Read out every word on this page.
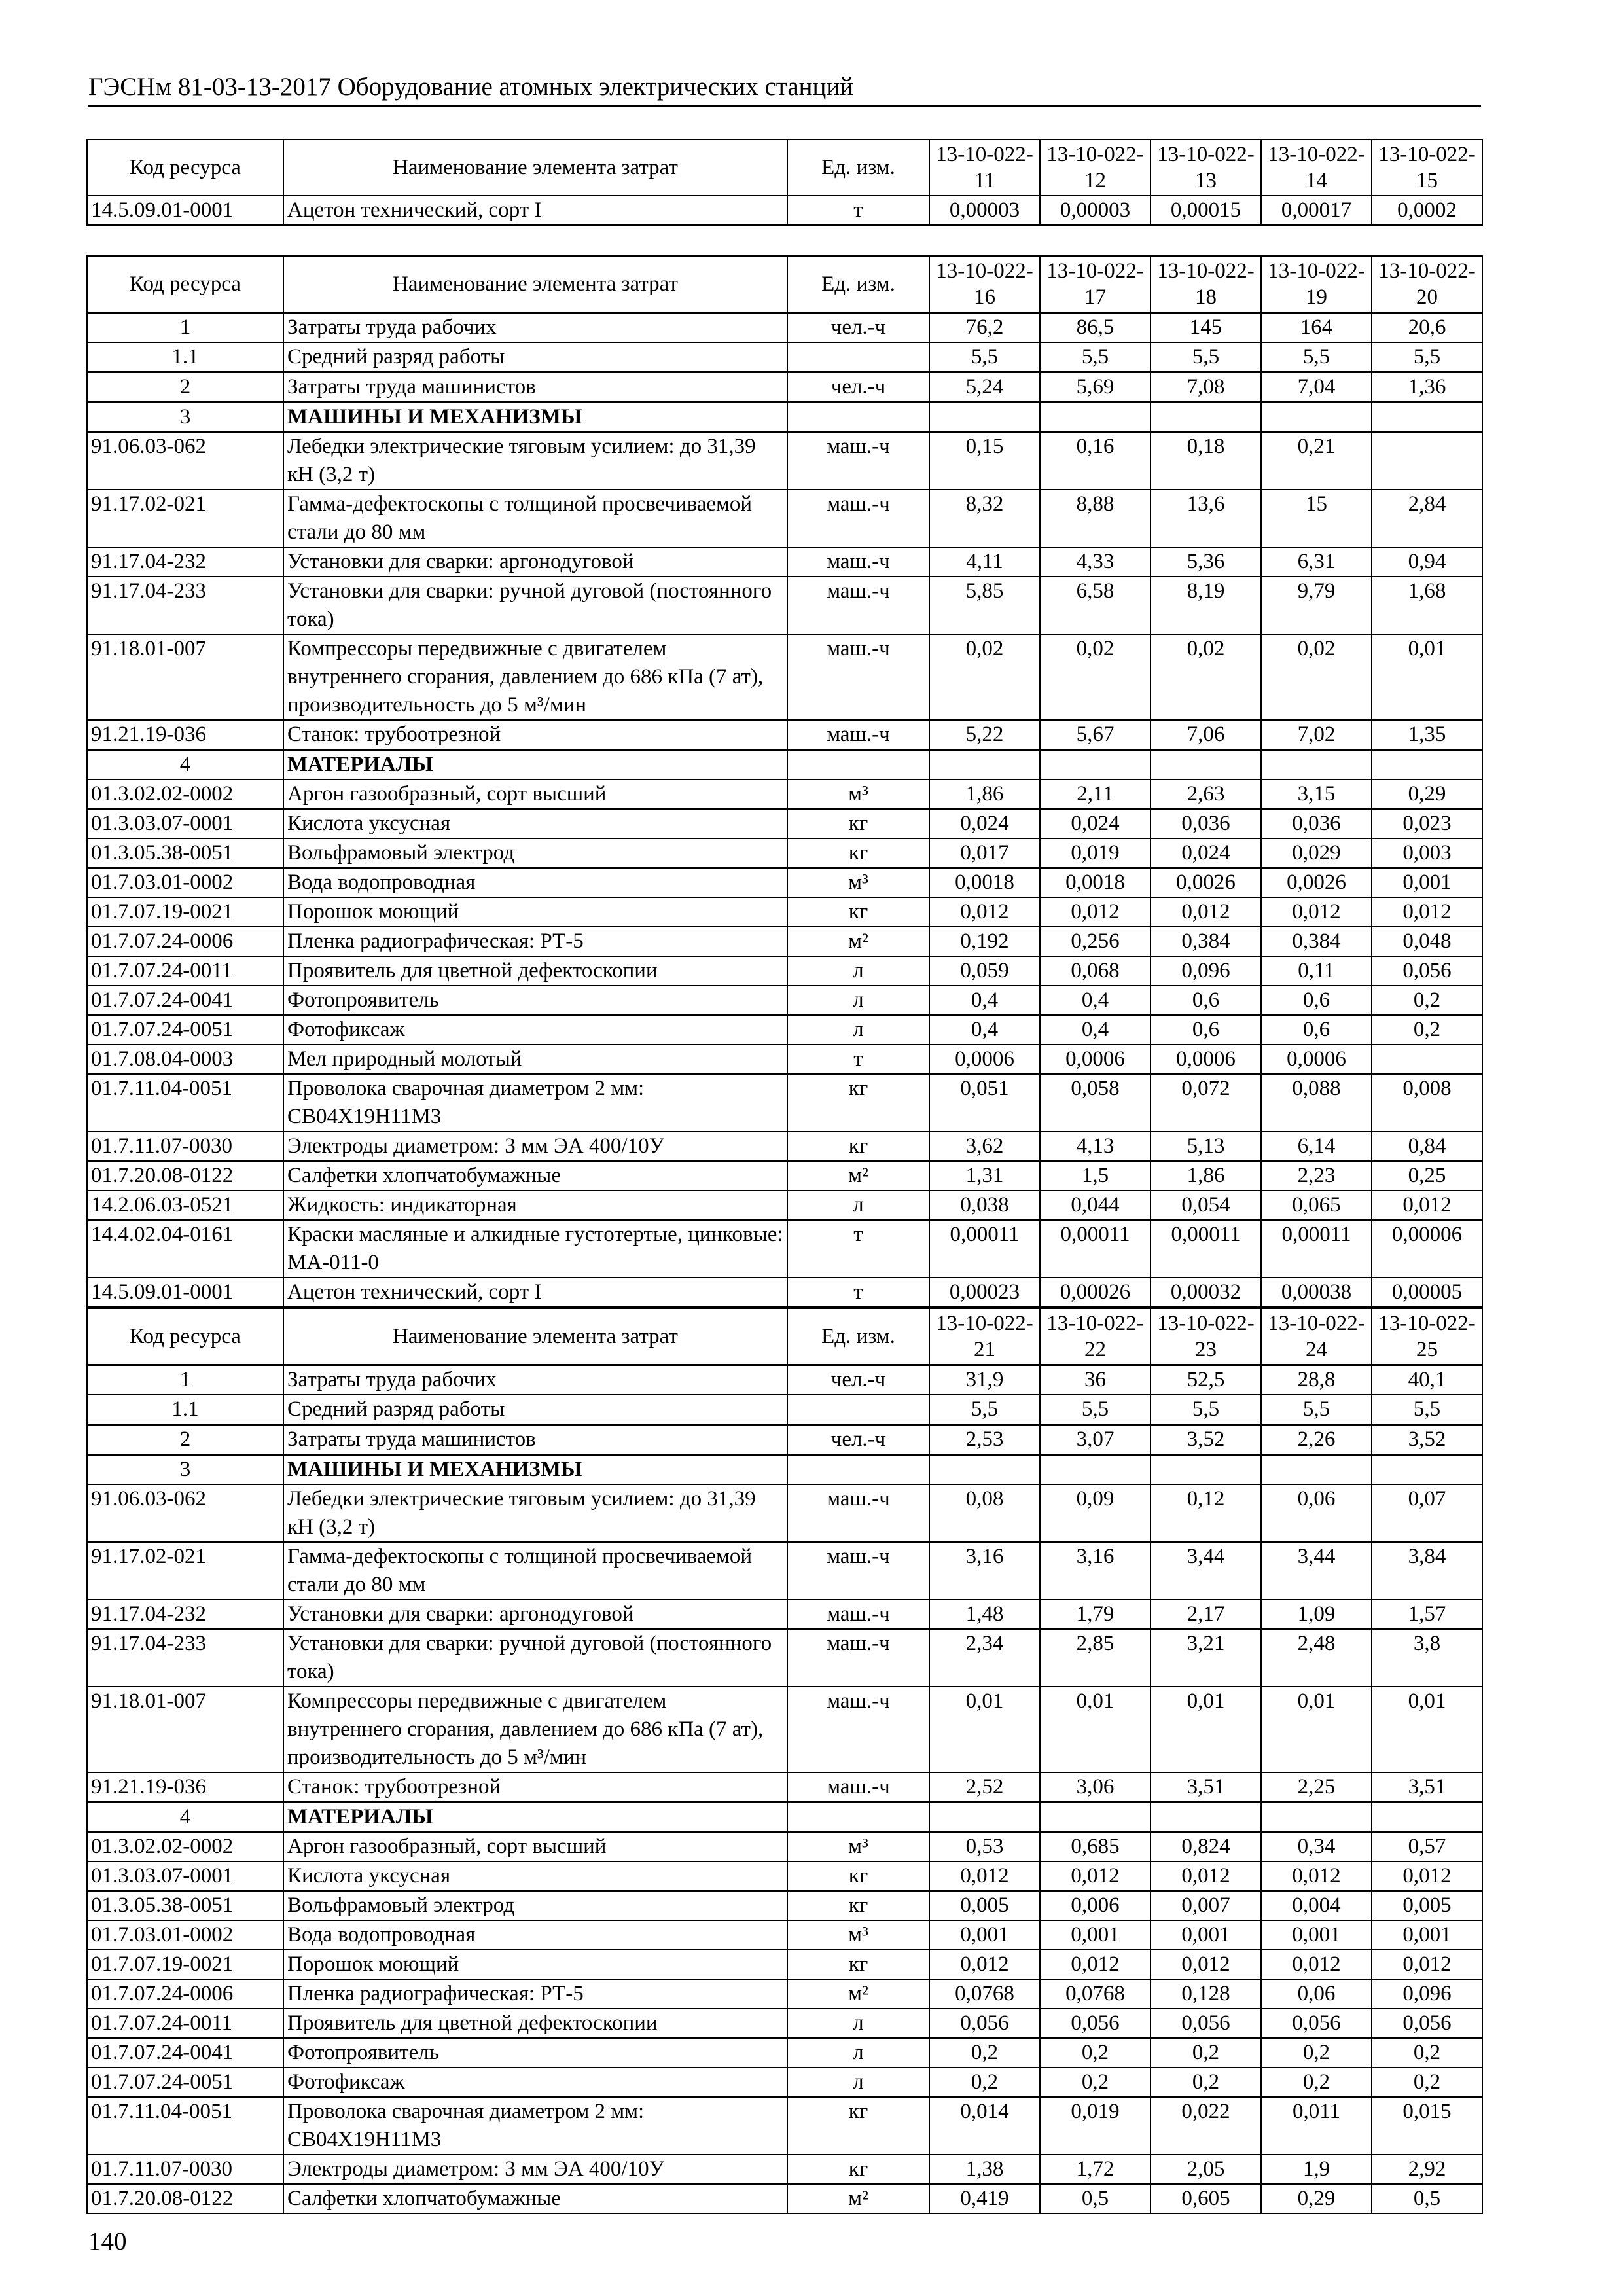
ГЭСНм 81-03-13-2017 Оборудование атомных электрических станций
Код ресурса	Наименование элемента затрат	Ед. изм.	13-10-022-11	13-10-022-12	13-10-022-13	13-10-022-14	13-10-022-15
14.5.09.01-0001	Ацетон технический, сорт I	т	0,00003	0,00003	0,00015	0,00017	0,0002
Код ресурса	Наименование элемента затрат	Ед. изм.	13-10-022-16	13-10-022-17	13-10-022-18	13-10-022-19	13-10-022-20
1	Затраты труда рабочих	чел.-ч	76,2	86,5	145	164	20,6
1.1	Средний разряд работы		5,5	5,5	5,5	5,5	5,5
2	Затраты труда машинистов	чел.-ч	5,24	5,69	7,08	7,04	1,36
3	МАШИНЫ И МЕХАНИЗМЫ						
91.06.03-062	Лебедки электрические тяговым усилием: до 31,39 кН (3,2 т)	маш.-ч	0,15	0,16	0,18	0,21	
91.17.02-021	Гамма-дефектоскопы с толщиной просвечиваемой стали до 80 мм	маш.-ч	8,32	8,88	13,6	15	2,84
91.17.04-232	Установки для сварки: аргонодуговой	маш.-ч	4,11	4,33	5,36	6,31	0,94
91.17.04-233	Установки для сварки: ручной дуговой (постоянного тока)	маш.-ч	5,85	6,58	8,19	9,79	1,68
91.18.01-007	Компрессоры передвижные с двигателем внутреннего сгорания, давлением до 686 кПа (7 ат), производительность до 5 м³/мин	маш.-ч	0,02	0,02	0,02	0,02	0,01
91.21.19-036	Станок: трубоотрезной	маш.-ч	5,22	5,67	7,06	7,02	1,35
4	МАТЕРИАЛЫ						
01.3.02.02-0002	Аргон газообразный, сорт высший	м³	1,86	2,11	2,63	3,15	0,29
01.3.03.07-0001	Кислота уксусная	кг	0,024	0,024	0,036	0,036	0,023
01.3.05.38-0051	Вольфрамовый электрод	кг	0,017	0,019	0,024	0,029	0,003
01.7.03.01-0002	Вода водопроводная	м³	0,0018	0,0018	0,0026	0,0026	0,001
01.7.07.19-0021	Порошок моющий	кг	0,012	0,012	0,012	0,012	0,012
01.7.07.24-0006	Пленка радиографическая: РТ-5	м²	0,192	0,256	0,384	0,384	0,048
01.7.07.24-0011	Проявитель для цветной дефектоскопии	л	0,059	0,068	0,096	0,11	0,056
01.7.07.24-0041	Фотопроявитель	л	0,4	0,4	0,6	0,6	0,2
01.7.07.24-0051	Фотофиксаж	л	0,4	0,4	0,6	0,6	0,2
01.7.08.04-0003	Мел природный молотый	т	0,0006	0,0006	0,0006	0,0006	
01.7.11.04-0051	Проволока сварочная диаметром 2 мм: СВ04Х19Н11М3	кг	0,051	0,058	0,072	0,088	0,008
01.7.11.07-0030	Электроды диаметром: 3 мм ЭА 400/10У	кг	3,62	4,13	5,13	6,14	0,84
01.7.20.08-0122	Салфетки хлопчатобумажные	м²	1,31	1,5	1,86	2,23	0,25
14.2.06.03-0521	Жидкость: индикаторная	л	0,038	0,044	0,054	0,065	0,012
14.4.02.04-0161	Краски масляные и алкидные густотертые, цинковые: МА-011-0	т	0,00011	0,00011	0,00011	0,00011	0,00006
14.5.09.01-0001	Ацетон технический, сорт I	т	0,00023	0,00026	0,00032	0,00038	0,00005
Код ресурса	Наименование элемента затрат	Ед. изм.	13-10-022-21	13-10-022-22	13-10-022-23	13-10-022-24	13-10-022-25
1	Затраты труда рабочих	чел.-ч	31,9	36	52,5	28,8	40,1
1.1	Средний разряд работы		5,5	5,5	5,5	5,5	5,5
2	Затраты труда машинистов	чел.-ч	2,53	3,07	3,52	2,26	3,52
3	МАШИНЫ И МЕХАНИЗМЫ						
91.06.03-062	Лебедки электрические тяговым усилием: до 31,39 кН (3,2 т)	маш.-ч	0,08	0,09	0,12	0,06	0,07
91.17.02-021	Гамма-дефектоскопы с толщиной просвечиваемой стали до 80 мм	маш.-ч	3,16	3,16	3,44	3,44	3,84
91.17.04-232	Установки для сварки: аргонодуговой	маш.-ч	1,48	1,79	2,17	1,09	1,57
91.17.04-233	Установки для сварки: ручной дуговой (постоянного тока)	маш.-ч	2,34	2,85	3,21	2,48	3,8
91.18.01-007	Компрессоры передвижные с двигателем внутреннего сгорания, давлением до 686 кПа (7 ат), производительность до 5 м³/мин	маш.-ч	0,01	0,01	0,01	0,01	0,01
91.21.19-036	Станок: трубоотрезной	маш.-ч	2,52	3,06	3,51	2,25	3,51
4	МАТЕРИАЛЫ						
01.3.02.02-0002	Аргон газообразный, сорт высший	м³	0,53	0,685	0,824	0,34	0,57
01.3.03.07-0001	Кислота уксусная	кг	0,012	0,012	0,012	0,012	0,012
01.3.05.38-0051	Вольфрамовый электрод	кг	0,005	0,006	0,007	0,004	0,005
01.7.03.01-0002	Вода водопроводная	м³	0,001	0,001	0,001	0,001	0,001
01.7.07.19-0021	Порошок моющий	кг	0,012	0,012	0,012	0,012	0,012
01.7.07.24-0006	Пленка радиографическая: РТ-5	м²	0,0768	0,0768	0,128	0,06	0,096
01.7.07.24-0011	Проявитель для цветной дефектоскопии	л	0,056	0,056	0,056	0,056	0,056
01.7.07.24-0041	Фотопроявитель	л	0,2	0,2	0,2	0,2	0,2
01.7.07.24-0051	Фотофиксаж	л	0,2	0,2	0,2	0,2	0,2
01.7.11.04-0051	Проволока сварочная диаметром 2 мм: СВ04Х19Н11М3	кг	0,014	0,019	0,022	0,011	0,015
01.7.11.07-0030	Электроды диаметром: 3 мм ЭА 400/10У	кг	1,38	1,72	2,05	1,9	2,92
01.7.20.08-0122	Салфетки хлопчатобумажные	м²	0,419	0,5	0,605	0,29	0,5
140
